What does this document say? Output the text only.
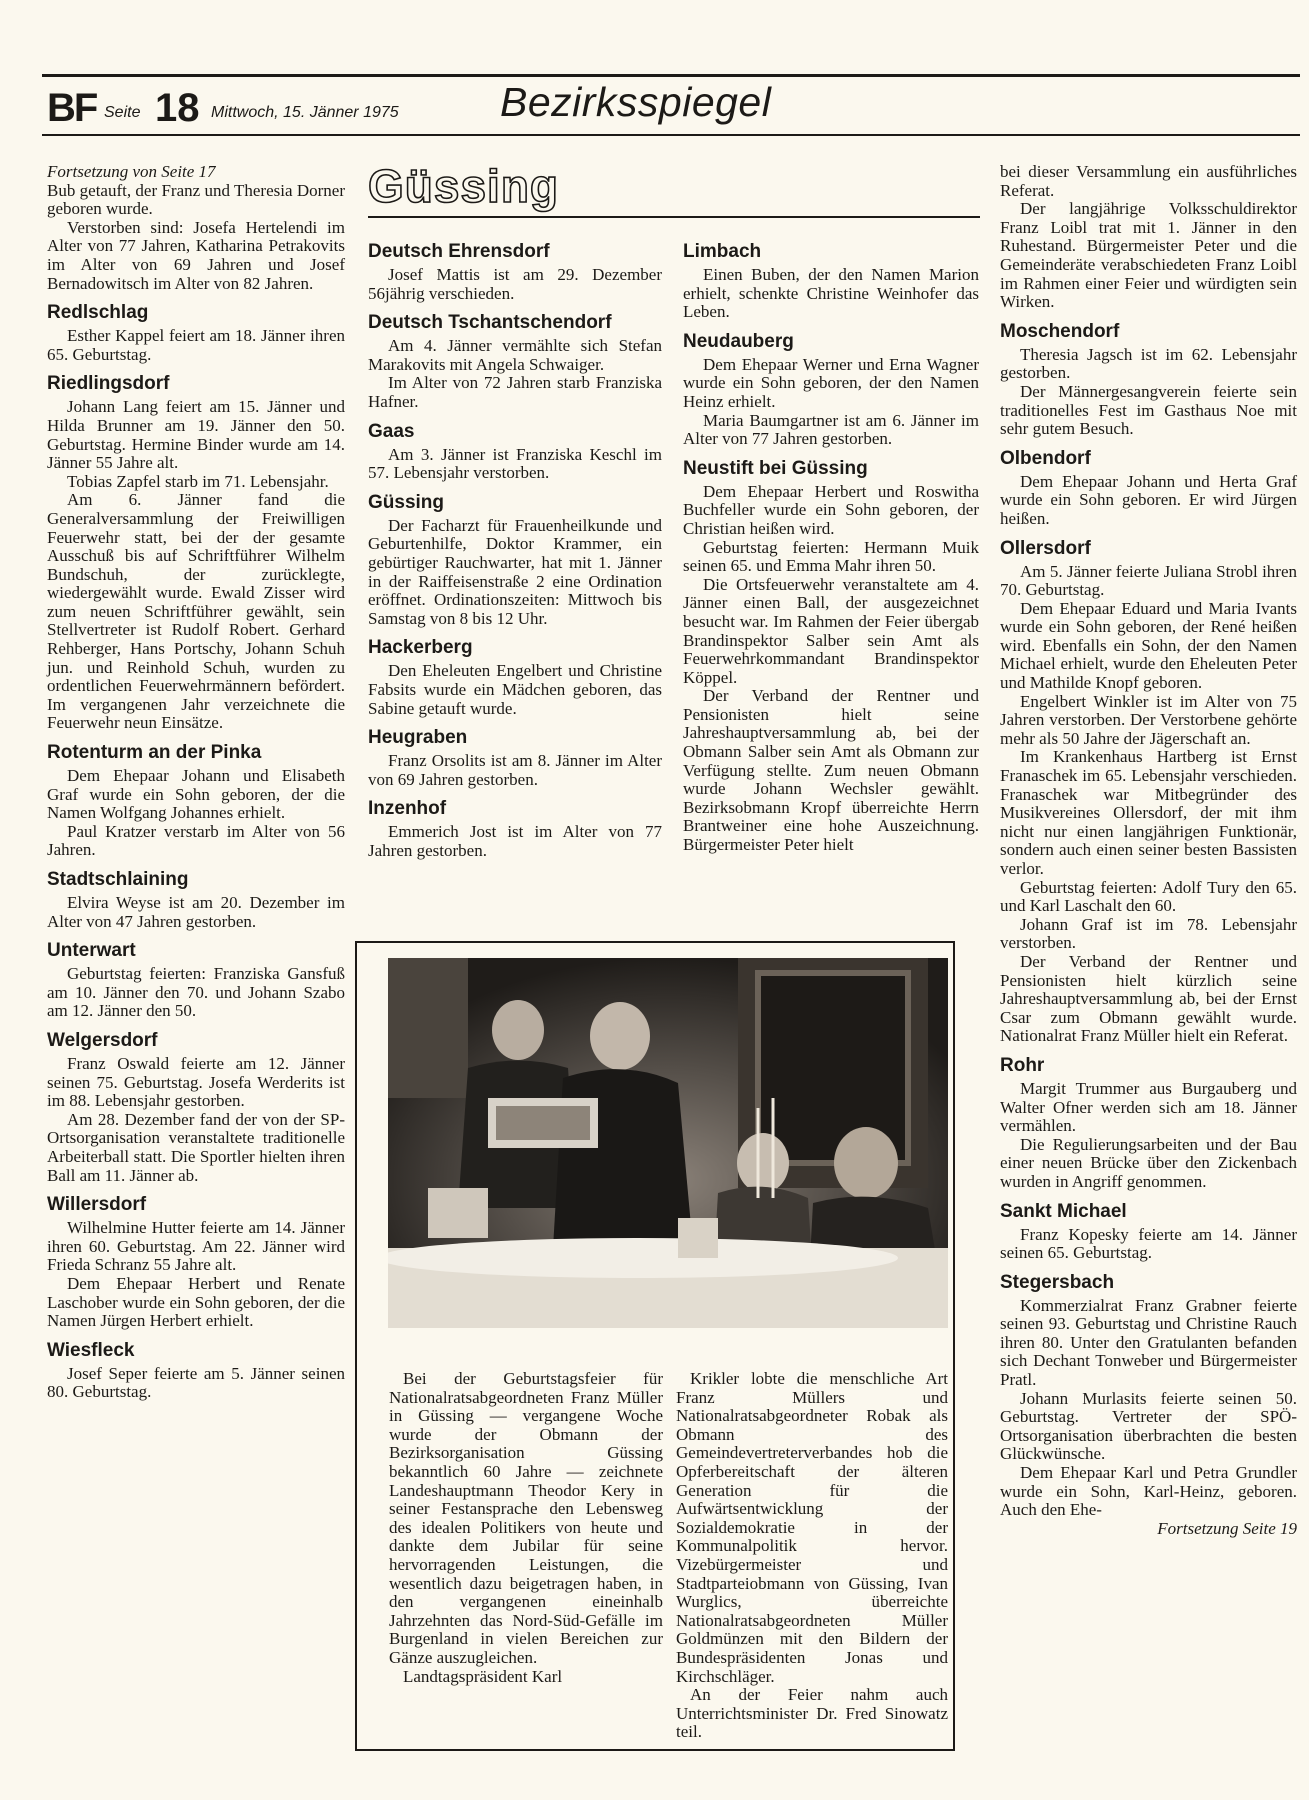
BF Seite 18 Mittwoch, 15. Jänner 1975 Bezirksspiegel
Güssing

Fortsetzung von Seite 17

Bub getauft, der Franz und Theresia Dorner geboren wurde.

Verstorben sind: Josefa Hertelendi im Alter von 77 Jahren, Katharina Petrakovits im Alter von 69 Jahren und Josef Bernadowitsch im Alter von 82 Jahren.

Redlschlag

Esther Kappel feiert am 18. Jänner ihren 65. Geburtstag.

Riedlingsdorf

Johann Lang feiert am 15. Jänner und Hilda Brunner am 19. Jänner den 50. Geburtstag. Hermine Binder wurde am 14. Jänner 55 Jahre alt.

Tobias Zapfel starb im 71. Lebensjahr.

Am 6. Jänner fand die Generalversammlung der Freiwilligen Feuerwehr statt, bei der der gesamte Ausschuß bis auf Schriftführer Wilhelm Bundschuh, der zurücklegte, wiedergewählt wurde. Ewald Zisser wird zum neuen Schriftführer gewählt, sein Stellvertreter ist Rudolf Robert. Gerhard Rehberger, Hans Portschy, Johann Schuh jun. und Reinhold Schuh, wurden zu ordentlichen Feuerwehrmännern befördert. Im vergangenen Jahr verzeichnete die Feuerwehr neun Einsätze.

Rotenturm an der Pinka

Dem Ehepaar Johann und Elisabeth Graf wurde ein Sohn geboren, der die Namen Wolfgang Johannes erhielt.

Paul Kratzer verstarb im Alter von 56 Jahren.

Stadtschlaining

Elvira Weyse ist am 20. Dezember im Alter von 47 Jahren gestorben.

Unterwart

Geburtstag feierten: Franziska Gansfuß am 10. Jänner den 70. und Johann Szabo am 12. Jänner den 50.

Welgersdorf

Franz Oswald feierte am 12. Jänner seinen 75. Geburtstag. Josefa Werderits ist im 88. Lebensjahr gestorben.

Am 28. Dezember fand der von der SP-Ortsorganisation veranstaltete traditionelle Arbeiterball statt. Die Sportler hielten ihren Ball am 11. Jänner ab.

Willersdorf

Wilhelmine Hutter feierte am 14. Jänner ihren 60. Geburtstag. Am 22. Jänner wird Frieda Schranz 55 Jahre alt.

Dem Ehepaar Herbert und Renate Laschober wurde ein Sohn geboren, der die Namen Jürgen Herbert erhielt.

Wiesfleck

Josef Seper feierte am 5. Jänner seinen 80. Geburtstag.

Deutsch Ehrensdorf

Josef Mattis ist am 29. Dezember 56jährig verschieden.

Deutsch Tschantschendorf

Am 4. Jänner vermählte sich Stefan Marakovits mit Angela Schwaiger.

Im Alter von 72 Jahren starb Franziska Hafner.

Gaas

Am 3. Jänner ist Franziska Keschl im 57. Lebensjahr verstorben.

Güssing

Der Facharzt für Frauenheilkunde und Geburtenhilfe, Doktor Krammer, ein gebürtiger Rauchwarter, hat mit 1. Jänner in der Raiffeisenstraße 2 eine Ordination eröffnet. Ordinationszeiten: Mittwoch bis Samstag von 8 bis 12 Uhr.

Hackerberg

Den Eheleuten Engelbert und Christine Fabsits wurde ein Mädchen geboren, das Sabine getauft wurde.

Heugraben

Franz Orsolits ist am 8. Jänner im Alter von 69 Jahren gestorben.

Inzenhof

Emmerich Jost ist im Alter von 77 Jahren gestorben.

Limbach

Einen Buben, der den Namen Marion erhielt, schenkte Christine Weinhofer das Leben.

Neudauberg

Dem Ehepaar Werner und Erna Wagner wurde ein Sohn geboren, der den Namen Heinz erhielt.

Maria Baumgartner ist am 6. Jänner im Alter von 77 Jahren gestorben.

Neustift bei Güssing

Dem Ehepaar Herbert und Roswitha Buchfeller wurde ein Sohn geboren, der Christian heißen wird.

Geburtstag feierten: Hermann Muik seinen 65. und Emma Mahr ihren 50.

Die Ortsfeuerwehr veranstaltete am 4. Jänner einen Ball, der ausgezeichnet besucht war. Im Rahmen der Feier übergab Brandinspektor Salber sein Amt als Feuerwehrkommandant Brandinspektor Köppel.

Der Verband der Rentner und Pensionisten hielt seine Jahreshauptversammlung ab, bei der Obmann Salber sein Amt als Obmann zur Verfügung stellte. Zum neuen Obmann wurde Johann Wechsler gewählt. Bezirksobmann Kropf überreichte Herrn Brantweiner eine hohe Auszeichnung. Bürgermeister Peter hielt

bei dieser Versammlung ein ausführliches Referat.

Der langjährige Volksschuldirektor Franz Loibl trat mit 1. Jänner in den Ruhestand. Bürgermeister Peter und die Gemeinderäte verabschiedeten Franz Loibl im Rahmen einer Feier und würdigten sein Wirken.

Moschendorf

Theresia Jagsch ist im 62. Lebensjahr gestorben.

Der Männergesangverein feierte sein traditionelles Fest im Gasthaus Noe mit sehr gutem Besuch.

Olbendorf

Dem Ehepaar Johann und Herta Graf wurde ein Sohn geboren. Er wird Jürgen heißen.

Ollersdorf

Am 5. Jänner feierte Juliana Strobl ihren 70. Geburtstag.

Dem Ehepaar Eduard und Maria Ivants wurde ein Sohn geboren, der René heißen wird. Ebenfalls ein Sohn, der den Namen Michael erhielt, wurde den Eheleuten Peter und Mathilde Knopf geboren.

Engelbert Winkler ist im Alter von 75 Jahren verstorben. Der Verstorbene gehörte mehr als 50 Jahre der Jägerschaft an.

Im Krankenhaus Hartberg ist Ernst Franaschek im 65. Lebensjahr verschieden. Franaschek war Mitbegründer des Musikvereines Ollersdorf, der mit ihm nicht nur einen langjährigen Funktionär, sondern auch einen seiner besten Bassisten verlor.

Geburtstag feierten: Adolf Tury den 65. und Karl Laschalt den 60.

Johann Graf ist im 78. Lebensjahr verstorben.

Der Verband der Rentner und Pensionisten hielt kürzlich seine Jahreshauptversammlung ab, bei der Ernst Csar zum Obmann gewählt wurde. Nationalrat Franz Müller hielt ein Referat.

Rohr

Margit Trummer aus Burgauberg und Walter Ofner werden sich am 18. Jänner vermählen.

Die Regulierungsarbeiten und der Bau einer neuen Brücke über den Zickenbach wurden in Angriff genommen.

Sankt Michael

Franz Kopesky feierte am 14. Jänner seinen 65. Geburtstag.

Stegersbach

Kommerzialrat Franz Grabner feierte seinen 93. Geburtstag und Christine Rauch ihren 80. Unter den Gratulanten befanden sich Dechant Tonweber und Bürgermeister Pratl.

Johann Murlasits feierte seinen 50. Geburtstag. Vertreter der SPÖ-Ortsorganisation überbrachten die besten Glückwünsche.

Dem Ehepaar Karl und Petra Grundler wurde ein Sohn, Karl-Heinz, geboren. Auch den Ehe-

Fortsetzung Seite 19

Bei der Geburtstagsfeier für Nationalratsabgeordneten Franz Müller in Güssing — vergangene Woche wurde der Obmann der Bezirksorganisation Güssing bekanntlich 60 Jahre — zeichnete Landeshauptmann Theodor Kery in seiner Festansprache den Lebensweg des idealen Politikers von heute und dankte dem Jubilar für seine hervorragenden Leistungen, die wesentlich dazu beigetragen haben, in den vergangenen eineinhalb Jahrzehnten das Nord-Süd-Gefälle im Burgenland in vielen Bereichen zur Gänze auszugleichen.

Landtagspräsident Karl

Krikler lobte die menschliche Art Franz Müllers und Nationalratsabgeordneter Robak als Obmann des Gemeindevertreterverbandes hob die Opferbereitschaft der älteren Generation für die Aufwärtsentwicklung der Sozialdemokratie in der Kommunalpolitik hervor. Vizebürgermeister und Stadtparteiobmann von Güssing, Ivan Wurglics, überreichte Nationalratsabgeordneten Müller Goldmünzen mit den Bildern der Bundespräsidenten Jonas und Kirchschläger.

An der Feier nahm auch Unterrichtsminister Dr. Fred Sinowatz teil.
